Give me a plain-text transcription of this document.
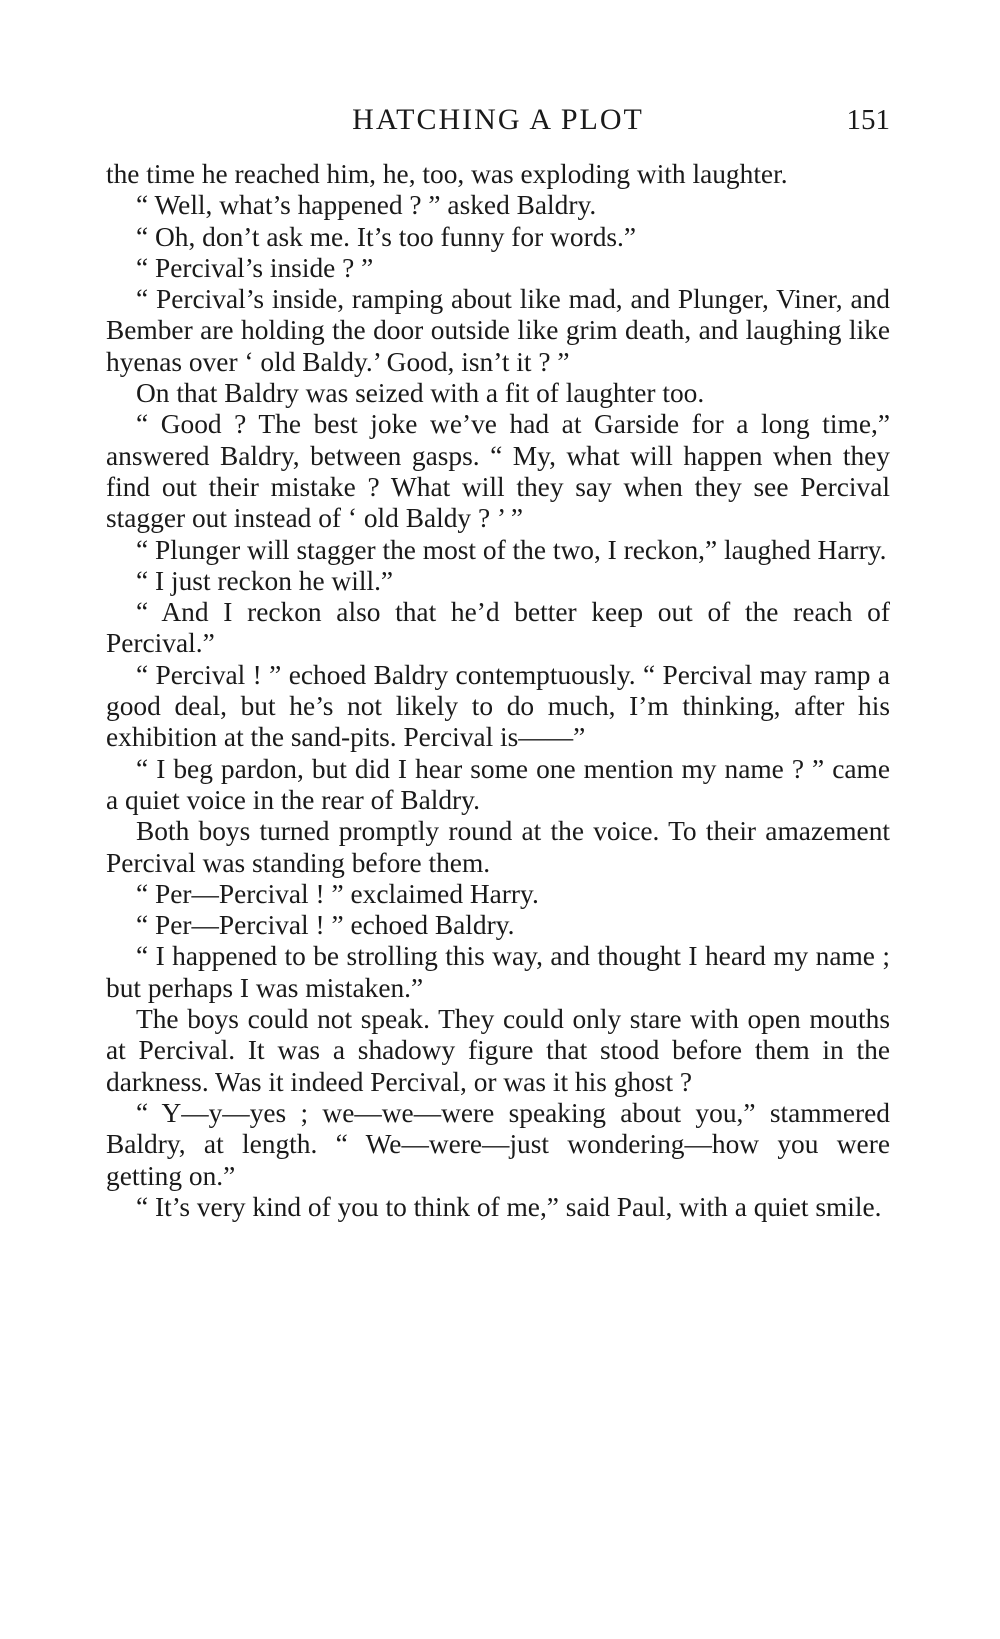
HATCHING A PLOT	151

the time he reached him, he, too, was exploding with laughter.

“ Well, what’s happened ? ” asked Baldry.

“ Oh, don’t ask me. It’s too funny for words.”

“ Percival’s inside ? ”

“ Percival’s inside, ramping about like mad, and Plunger, Viner, and Bember are holding the door outside like grim death, and laughing like hyenas over ‘ old Baldy.’ Good, isn’t it ? ”

On that Baldry was seized with a fit of laughter too.

“ Good ? The best joke we’ve had at Garside for a long time,” answered Baldry, between gasps. “ My, what will happen when they find out their mistake ? What will they say when they see Percival stagger out instead of ‘ old Baldy ? ’ ”

“ Plunger will stagger the most of the two, I reckon,” laughed Harry.

“ I just reckon he will.”

“ And I reckon also that he’d better keep out of the reach of Percival.”

“ Percival ! ” echoed Baldry contemptuously. “ Percival may ramp a good deal, but he’s not likely to do much, I’m thinking, after his exhibition at the sand-pits. Percival is——”

“ I beg pardon, but did I hear some one mention my name ? ” came a quiet voice in the rear of Baldry.

Both boys turned promptly round at the voice. To their amazement Percival was standing before them.

“ Per—Percival ! ” exclaimed Harry.

“ Per—Percival ! ” echoed Baldry.

“ I happened to be strolling this way, and thought I heard my name ; but perhaps I was mistaken.”

The boys could not speak. They could only stare with open mouths at Percival. It was a shadowy figure that stood before them in the darkness. Was it indeed Percival, or was it his ghost ?

“ Y—y—yes ; we—we—were speaking about you,” stammered Baldry, at length. “ We—were—just wondering—how you were getting on.”

“ It’s very kind of you to think of me,” said Paul, with a quiet smile.
